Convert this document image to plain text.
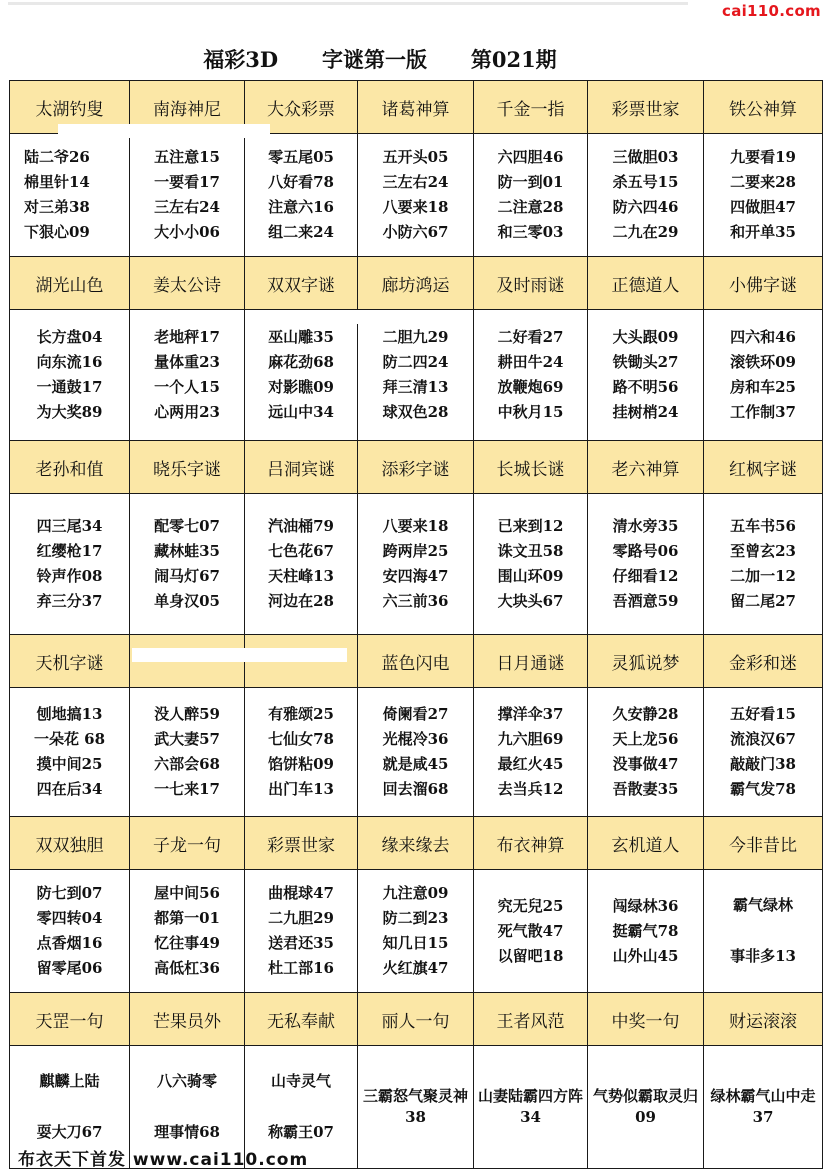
cai110.com
福彩3D      字谜第一版      第021期
太湖钓叟	南海神尼	大众彩票	诸葛神算	千金一指	彩票世家	铁公神算

陆二爷26
棉里针14
对三弟38
下狠心09	五注意15
一要看17
三左右24
大小小06	零五尾05
八好看78
注意六16
组二来24	五开头05
三左右24
八要来18
小防六67	六四胆46
防一到01
二注意28
和三零03	三做胆03
杀五号15
防六四46
二九在29	九要看19
二要来28
四做胆47
和开单35

湖光山色	姜太公诗	双双字谜	廊坊鸿运	及时雨谜	正德道人	小佛字谜

长方盘04
向东流16
一通鼓17
为大奖89	老地秤17
量体重23
一个人15
心两用23	巫山雕35
麻花劲68
对影瞧09
远山中34	二胆九29
防二四24
拜三清13
球双色28	二好看27
耕田牛24
放鞭炮69
中秋月15	大头跟09
铁锄头27
路不明56
挂树梢24	四六和46
滚铁环09
房和车25
工作制37

老孙和值	晓乐字谜	吕洞宾谜	添彩字谜	长城长谜	老六神算	红枫字谜

四三尾34
红缨枪17
铃声作08
弃三分37	配零七07
藏林蛙35
闹马灯67
单身汉05	汽油桶79
七色花67
天柱峰13
河边在28	八要来18
跨两岸25
安四海47
六三前36	已来到12
诛文丑58
围山环09
大块头67	清水旁35
零路号06
仔细看12
吾酒意59	五车书56
至曾玄23
二加一12
留二尾27

天机字谜			蓝色闪电	日月通谜	灵狐说梦	金彩和迷

刨地搞13
一朵花 68
摸中间25
四在后34	没人醉59
武大妻57
六部会68
一七来17	有雅颂25
七仙女78
馅饼粘09
出门车13	倚阑看27
光棍冷36
就是咸45
回去溜68	撑洋伞37
九六胆69
最红火45
去当兵12	久安静28
天上龙56
没事做47
吾散妻35	五好看15
流浪汉67
敲敲门38
霸气发78

双双独胆	子龙一句	彩票世家	缘来缘去	布衣神算	玄机道人	今非昔比

防七到07
零四转04
点香烟16
留零尾06	屋中间56
都第一01
忆往事49
高低杠36	曲棍球47
二九胆29
送君还35
杜工部16	九注意09
防二到23
知几日15
火红旗47	究无兒25
死气散47
以留吧18	闯绿林36
挺霸气78
山外山45	霸气绿林
事非多13

天罡一句	芒果员外	无私奉献	丽人一句	王者风范	中奖一句	财运滚滚

麒麟上陆
耍大刀67	八六骑零
理事情68	山寺灵气
称霸王07	三霸怒气聚灵神38	山妻陆霸四方阵34	气势似霸取灵归09	绿林霸气山中走37
布衣天下首发 www.cai110.com
